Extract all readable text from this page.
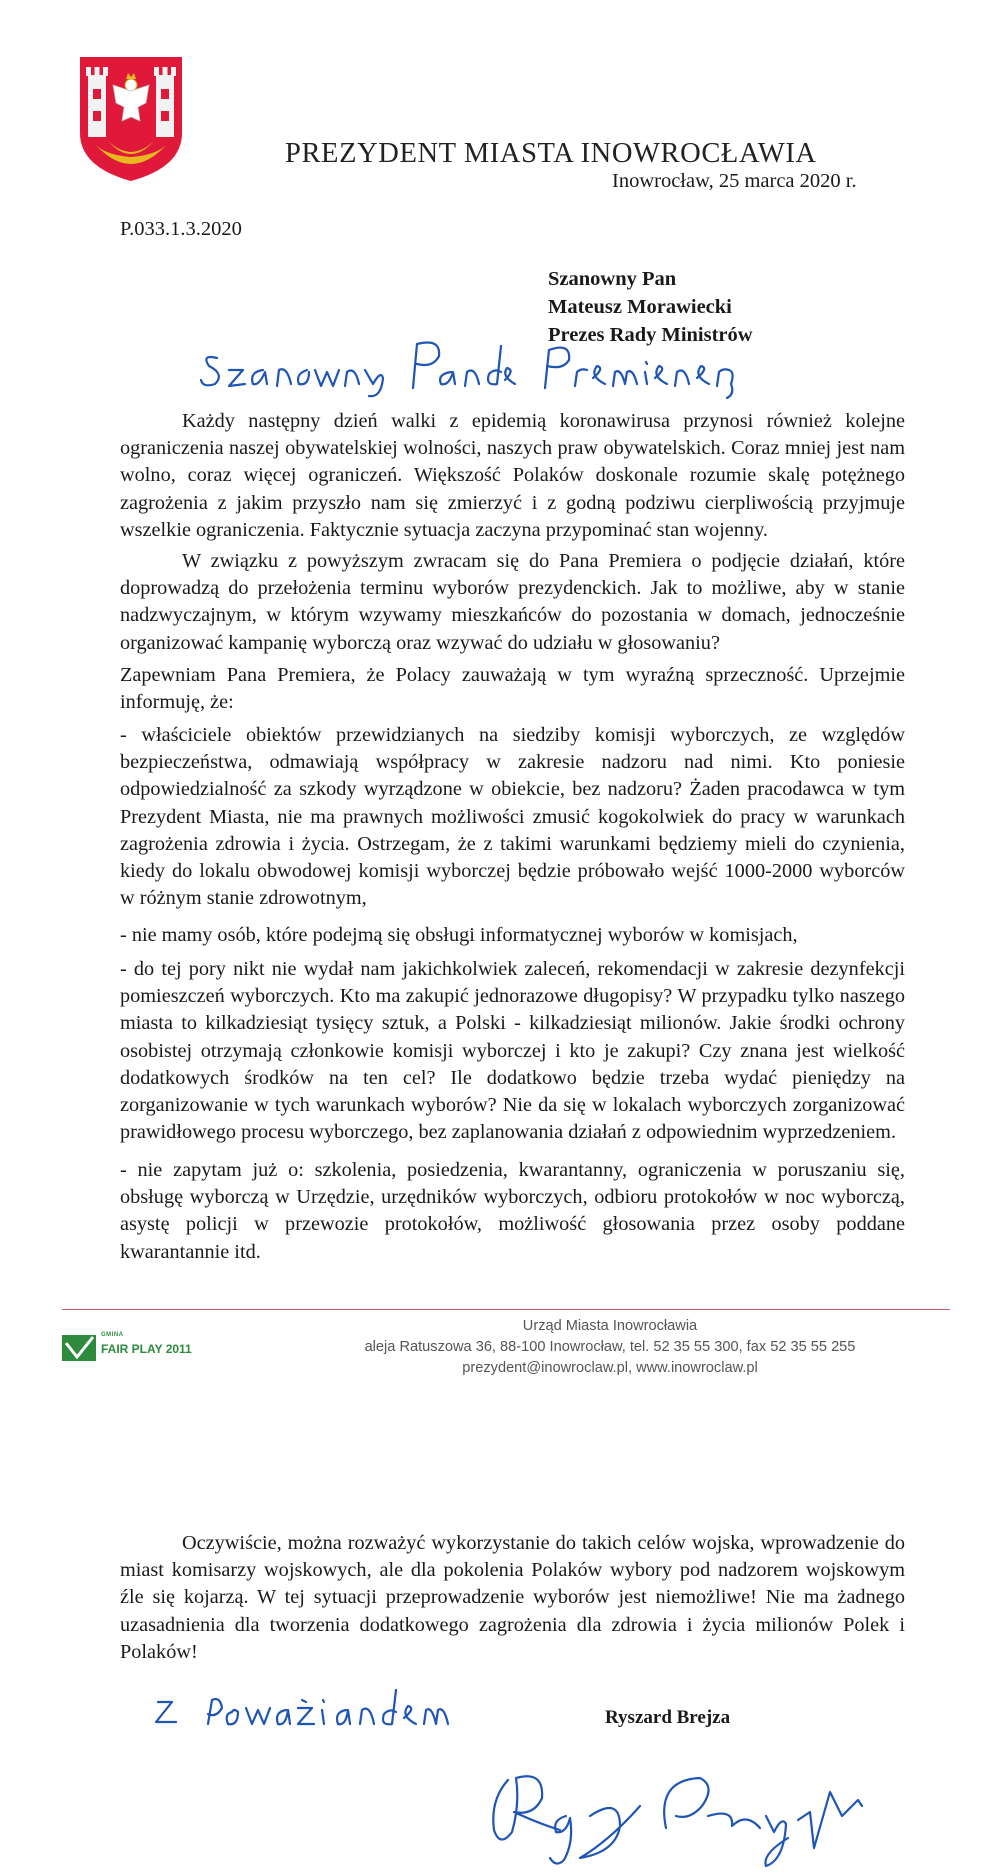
PREZYDENT MIASTA INOWROCŁAWIA
Inowrocław, 25 marca 2020 r.
P.033.1.3.2020
Szanowny Pan
Mateusz Morawiecki
Prezes Rady Ministrów

Każdy następny dzień walki z epidemią koronawirusa przynosi również kolejne ograniczenia naszej obywatelskiej wolności, naszych praw obywatelskich. Coraz mniej jest nam wolno, coraz więcej ograniczeń. Większość Polaków doskonale rozumie skalę potężnego zagrożenia z jakim przyszło nam się zmierzyć i z godną podziwu cierpliwością przyjmuje wszelkie ograniczenia. Faktycznie sytuacja zaczyna przypominać stan wojenny.

W związku z powyższym zwracam się do Pana Premiera o podjęcie działań, które doprowadzą do przełożenia terminu wyborów prezydenckich. Jak to możliwe, aby w stanie nadzwyczajnym, w którym wzywamy mieszkańców do pozostania w domach, jednocześnie organizować kampanię wyborczą oraz wzywać do udziału w głosowaniu?

Zapewniam Pana Premiera, że Polacy zauważają w tym wyraźną sprzeczność. Uprzejmie informuję, że:

- właściciele obiektów przewidzianych na siedziby komisji wyborczych, ze względów bezpieczeństwa, odmawiają współpracy w zakresie nadzoru nad nimi. Kto poniesie odpowiedzialność za szkody wyrządzone w obiekcie, bez nadzoru? Żaden pracodawca w tym Prezydent Miasta, nie ma prawnych możliwości zmusić kogokolwiek do pracy w warunkach zagrożenia zdrowia i życia. Ostrzegam, że z takimi warunkami będziemy mieli do czynienia, kiedy do lokalu obwodowej komisji wyborczej będzie próbowało wejść 1000-2000 wyborców w różnym stanie zdrowotnym,

- nie mamy osób, które podejmą się obsługi informatycznej wyborów w komisjach,

- do tej pory nikt nie wydał nam jakichkolwiek zaleceń, rekomendacji w zakresie dezynfekcji pomieszczeń wyborczych. Kto ma zakupić jednorazowe długopisy? W przypadku tylko naszego miasta to kilkadziesiąt tysięcy sztuk, a Polski - kilkadziesiąt milionów. Jakie środki ochrony osobistej otrzymają członkowie komisji wyborczej i kto je zakupi? Czy znana jest wielkość dodatkowych środków na ten cel? Ile dodatkowo będzie trzeba wydać pieniędzy na zorganizowanie w tych warunkach wyborów? Nie da się w lokalach wyborczych zorganizować prawidłowego procesu wyborczego, bez zaplanowania działań z odpowiednim wyprzedzeniem.

- nie zapytam już o: szkolenia, posiedzenia, kwarantanny, ograniczenia w poruszaniu się, obsługę wyborczą w Urzędzie, urzędników wyborczych, odbioru protokołów w noc wyborczą, asystę policji w przewozie protokołów, możliwość głosowania przez osoby poddane kwarantannie itd.

GMINA
FAIR PLAY 2011
Urząd Miasta Inowrocławia
aleja Ratuszowa 36, 88-100 Inowrocław, tel. 52 35 55 300, fax 52 35 55 255
prezydent@inowroclaw.pl, www.inowroclaw.pl

Oczywiście, można rozważyć wykorzystanie do takich celów wojska, wprowadzenie do miast komisarzy wojskowych, ale dla pokolenia Polaków wybory pod nadzorem wojskowym źle się kojarzą. W tej sytuacji przeprowadzenie wyborów jest niemożliwe! Nie ma żadnego uzasadnienia dla tworzenia dodatkowego zagrożenia dla zdrowia i życia milionów Polek i Polaków!

Ryszard Brejza
